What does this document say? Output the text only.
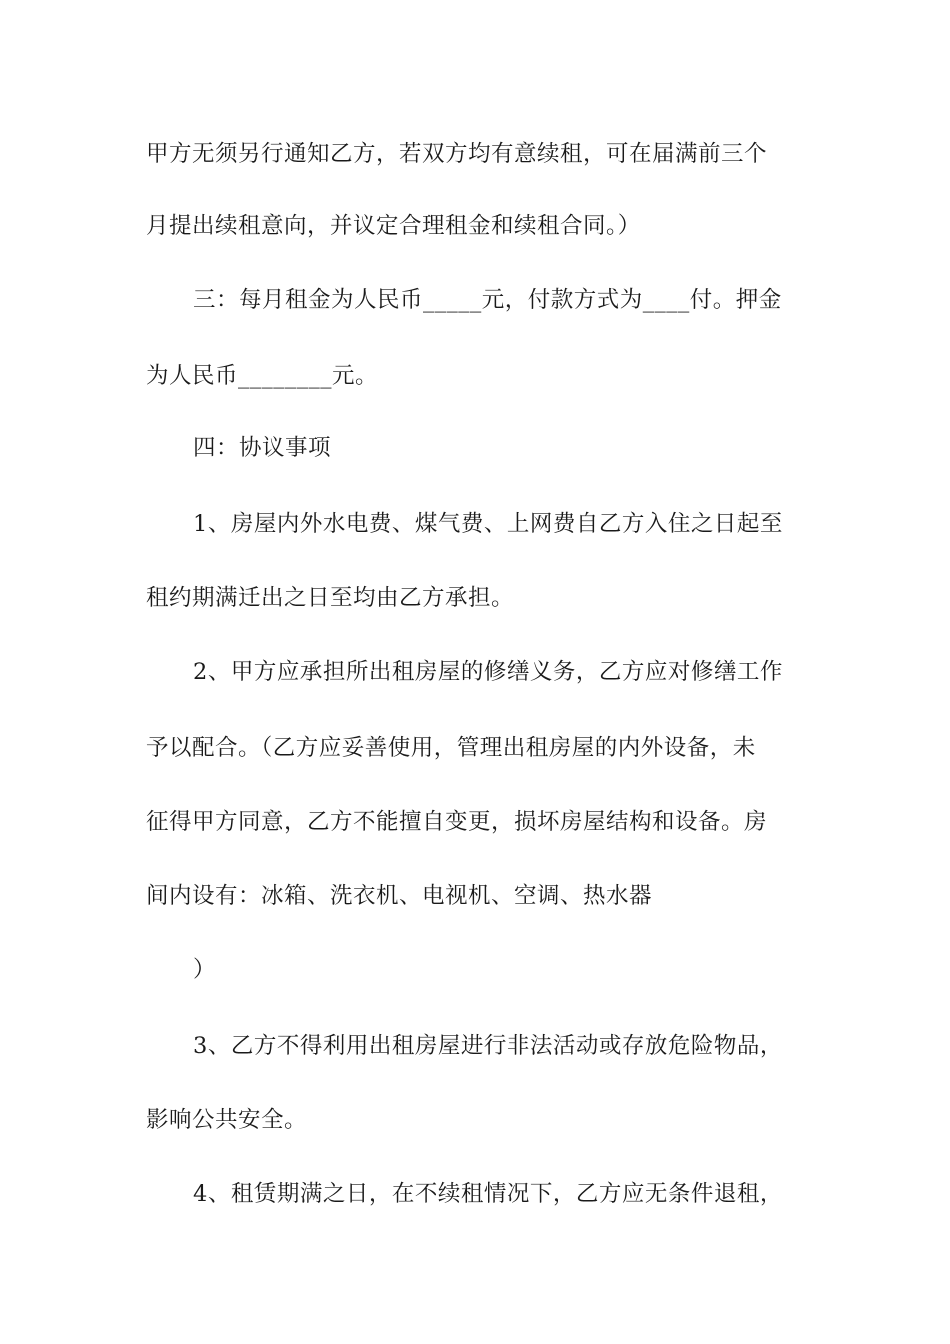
甲方无须另行通知乙方，若双方均有意续租，可在届满前三个
月提出续租意向，并议定合理租金和续租合同。）
三：每月租金为人民币_____元，付款方式为____付。押金
为人民币________元。
四：协议事项
1、房屋内外水电费、煤气费、上网费自乙方入住之日起至
租约期满迁出之日至均由乙方承担。
2、甲方应承担所出租房屋的修缮义务，乙方应对修缮工作
予以配合。（乙方应妥善使用，管理出租房屋的内外设备，未
征得甲方同意，乙方不能擅自变更，损坏房屋结构和设备。房
间内设有：冰箱、洗衣机、电视机、空调、热水器
）
3、乙方不得利用出租房屋进行非法活动或存放危险物品，
影响公共安全。
4、租赁期满之日，在不续租情况下，乙方应无条件退租，
